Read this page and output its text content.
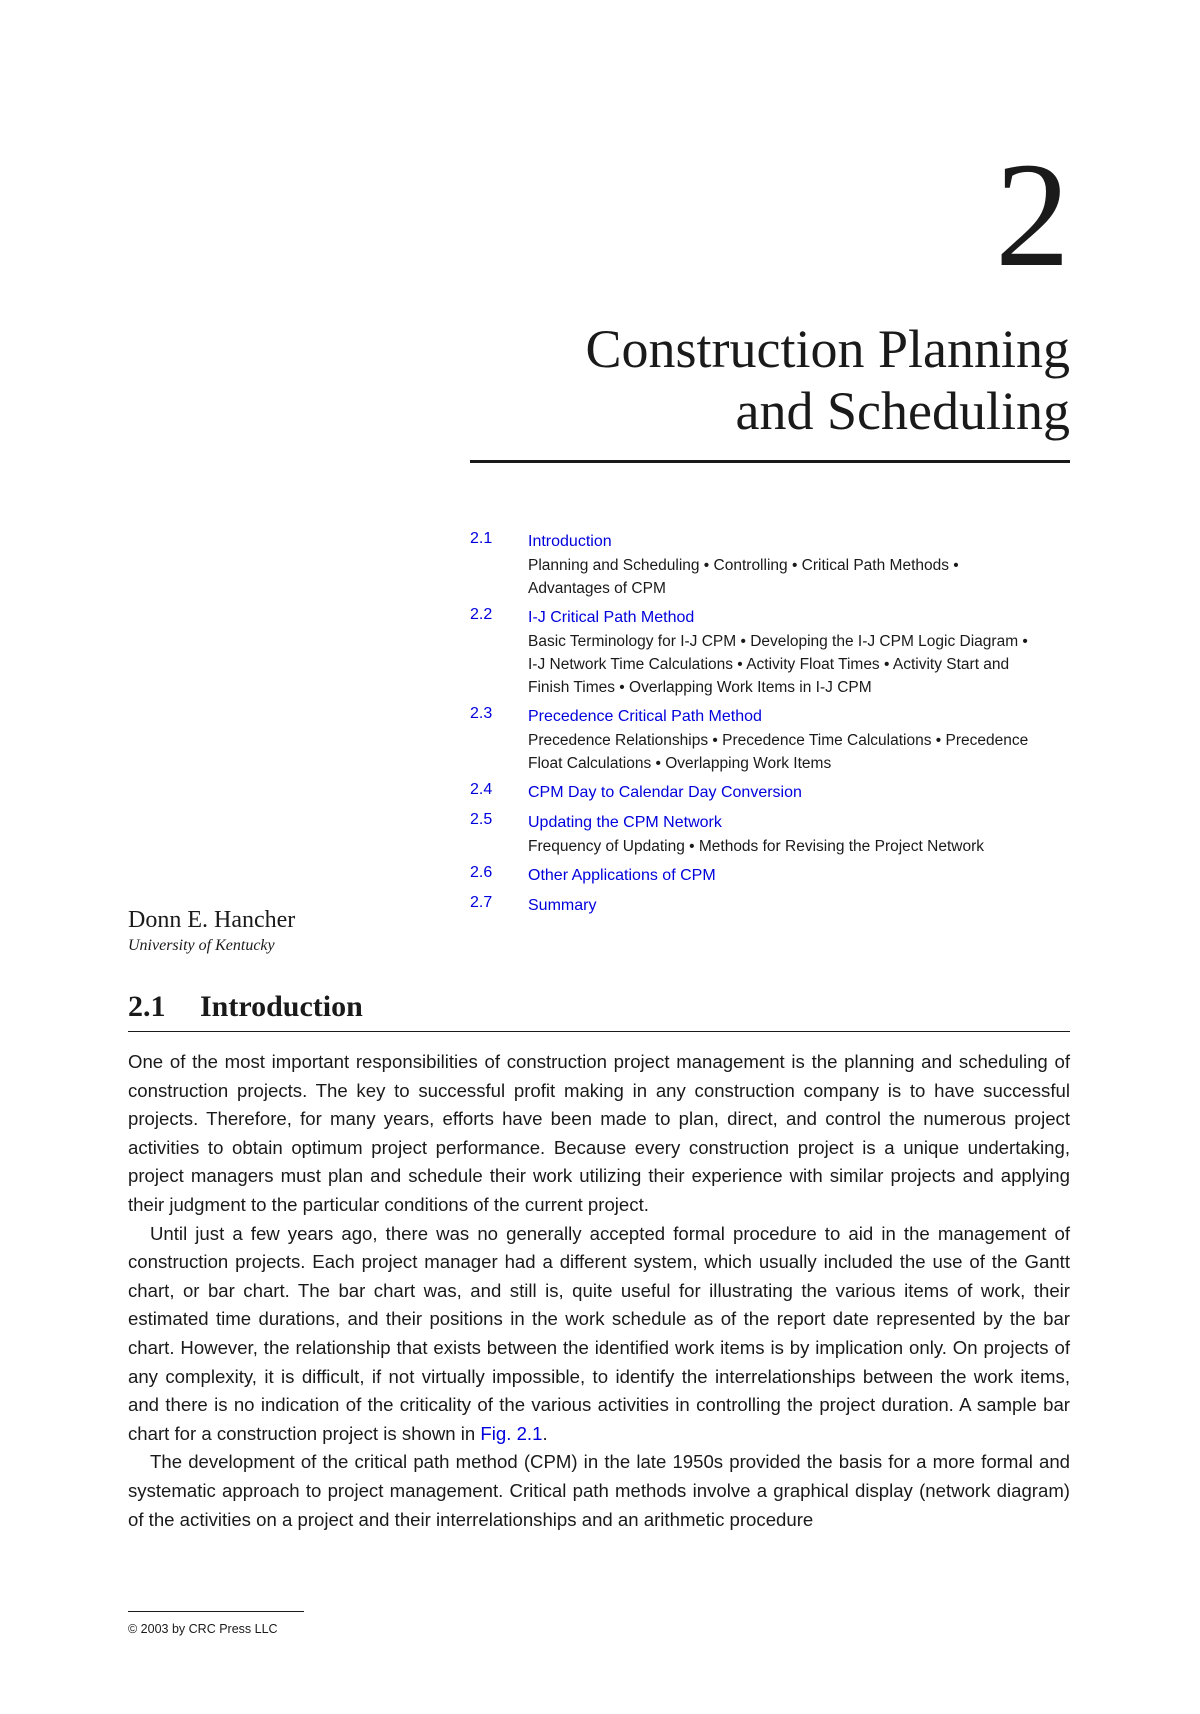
2
Construction Planning
and Scheduling
2.1	Introduction
Planning and Scheduling • Controlling • Critical Path Methods • Advantages of CPM
2.2	I-J Critical Path Method
Basic Terminology for I-J CPM • Developing the I-J CPM Logic Diagram • I-J Network Time Calculations • Activity Float Times • Activity Start and Finish Times • Overlapping Work Items in I-J CPM
2.3	Precedence Critical Path Method
Precedence Relationships • Precedence Time Calculations • Precedence Float Calculations • Overlapping Work Items
2.4	CPM Day to Calendar Day Conversion
2.5	Updating the CPM Network
Frequency of Updating • Methods for Revising the Project Network
2.6	Other Applications of CPM
2.7	Summary
Donn E. Hancher
University of Kentucky
2.1 Introduction

One of the most important responsibilities of construction project management is the planning and scheduling of construction projects. The key to successful profit making in any construction company is to have successful projects. Therefore, for many years, efforts have been made to plan, direct, and control the numerous project activities to obtain optimum project performance. Because every construction project is a unique undertaking, project managers must plan and schedule their work utilizing their experience with similar projects and applying their judgment to the particular conditions of the current project.

Until just a few years ago, there was no generally accepted formal procedure to aid in the management of construction projects. Each project manager had a different system, which usually included the use of the Gantt chart, or bar chart. The bar chart was, and still is, quite useful for illustrating the various items of work, their estimated time durations, and their positions in the work schedule as of the report date represented by the bar chart. However, the relationship that exists between the identified work items is by implication only. On projects of any complexity, it is difficult, if not virtually impossible, to identify the interrelationships between the work items, and there is no indication of the criticality of the various activities in controlling the project duration. A sample bar chart for a construction project is shown in Fig. 2.1.

The development of the critical path method (CPM) in the late 1950s provided the basis for a more formal and systematic approach to project management. Critical path methods involve a graphical display (network diagram) of the activities on a project and their interrelationships and an arithmetic procedure

© 2003 by CRC Press LLC
